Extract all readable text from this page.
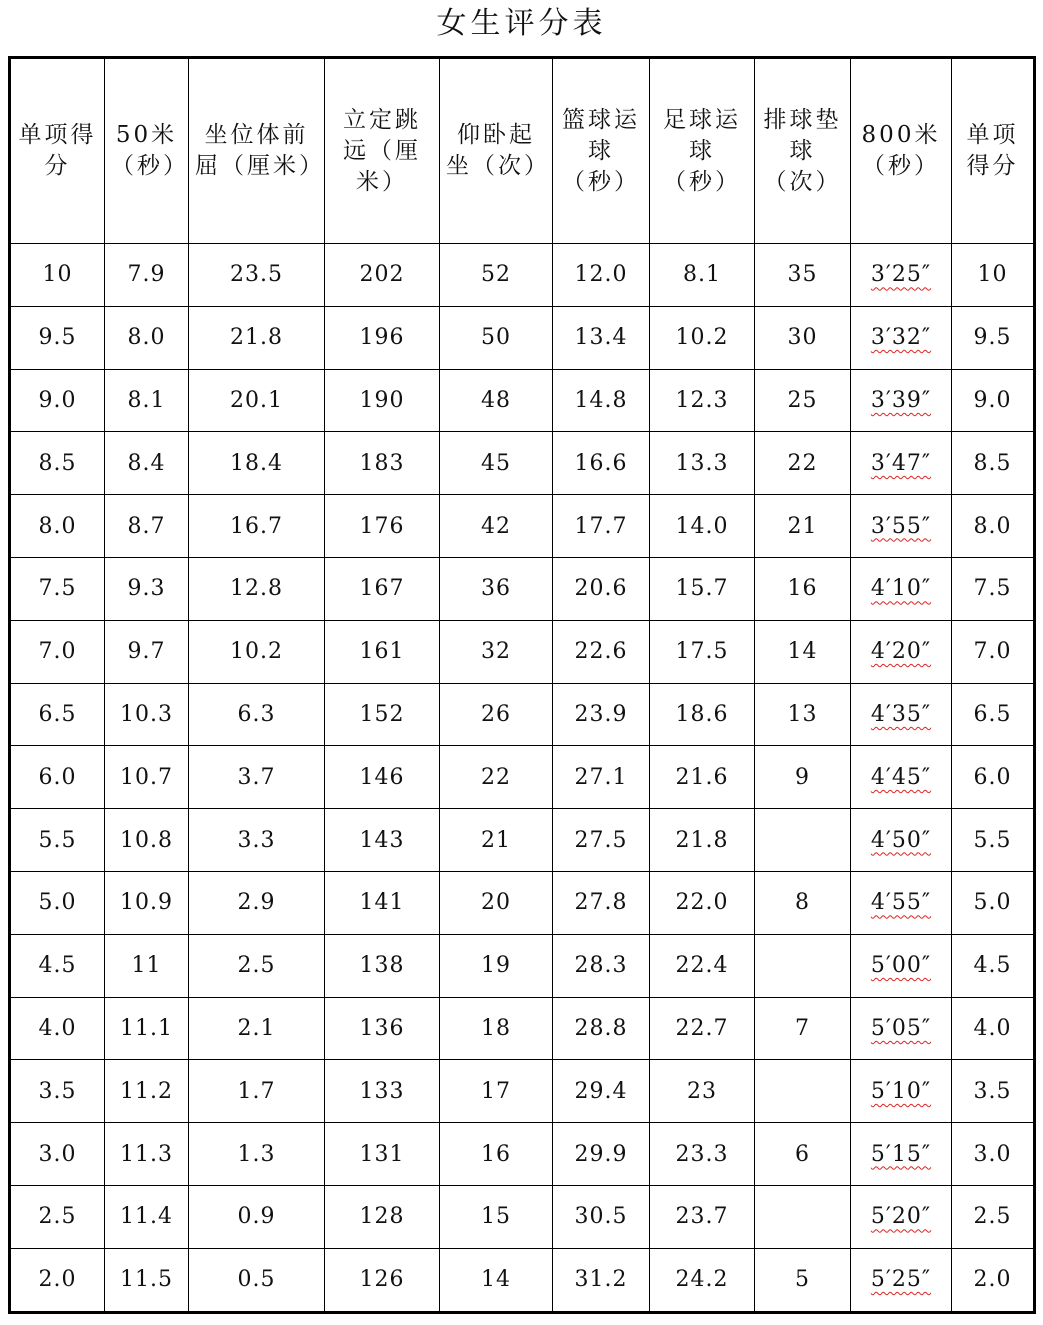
女生评分表
单项得分	50米（秒）	坐位体前屈（厘米）	立定跳远（厘米）	仰卧起坐（次）	篮球运球（秒）	足球运球（秒）	排球垫球（次）	800米（秒）	单项得分
10	7.9	23.5	202	52	12.0	8.1	35	3′25″	10
9.5	8.0	21.8	196	50	13.4	10.2	30	3′32″	9.5
9.0	8.1	20.1	190	48	14.8	12.3	25	3′39″	9.0
8.5	8.4	18.4	183	45	16.6	13.3	22	3′47″	8.5
8.0	8.7	16.7	176	42	17.7	14.0	21	3′55″	8.0
7.5	9.3	12.8	167	36	20.6	15.7	16	4′10″	7.5
7.0	9.7	10.2	161	32	22.6	17.5	14	4′20″	7.0
6.5	10.3	6.3	152	26	23.9	18.6	13	4′35″	6.5
6.0	10.7	3.7	146	22	27.1	21.6	9	4′45″	6.0
5.5	10.8	3.3	143	21	27.5	21.8		4′50″	5.5
5.0	10.9	2.9	141	20	27.8	22.0	8	4′55″	5.0
4.5	11	2.5	138	19	28.3	22.4		5′00″	4.5
4.0	11.1	2.1	136	18	28.8	22.7	7	5′05″	4.0
3.5	11.2	1.7	133	17	29.4	23		5′10″	3.5
3.0	11.3	1.3	131	16	29.9	23.3	6	5′15″	3.0
2.5	11.4	0.9	128	15	30.5	23.7		5′20″	2.5
2.0	11.5	0.5	126	14	31.2	24.2	5	5′25″	2.0
